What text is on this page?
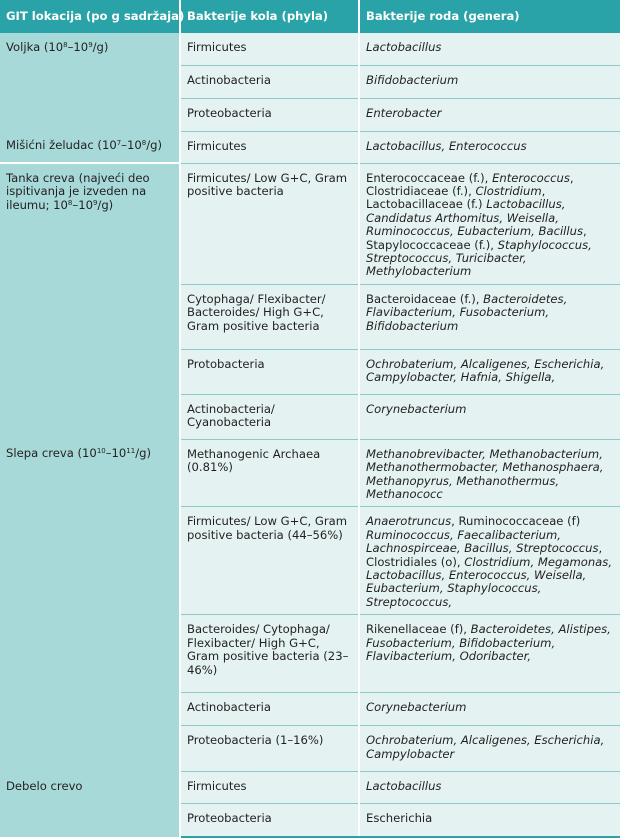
GIT lokacija (po g sadržaja)	Bakterije kola (phyla)	Bakterije roda (genera)
Voljka $(10^8-10^9/g)$	Firmicutes	Lactobacillus
	Actinobacteria	Bifidobacterium
	Proteobacteria	Enterobacter
Mišićni želudac $(10^7-10^8/g)$	Firmicutes	Lactobacillus, Enterococcus
Tanka creva (najveći deo ispitivanja je izveden na ileumu; $10^8-10^9/g$)	Firmicutes/ Low G+C, Gram positive bacteria	Enterococcaceae (f.), Enterococcus, Clostridiaceae (f.), Clostridium, Lactobacillaceae (f.) Lactobacillus, Candidatus Arthomitus, Weisella, Ruminococcus, Eubacterium, Bacillus, Stapylococcaceae (f.), Staphylococcus, Streptococcus, Turicibacter, Methylobacterium
	Cytophaga/ Flexibacter/ Bacteroides/ High G+C, Gram positive bacteria	Bacteroidaceae (f.), Bacteroidetes, Flavibacterium, Fusobacterium, Bifidobacterium
	Protobacteria	Ochrobaterium, Alcaligenes, Escherichia, Campylobacter, Hafnia, Shigella,
	Actinobacteria/ Cyanobacteria	Corynebacterium
Slepa creva $(10^{10}-10^{11}/g)$	Methanogenic Archaea (0.81%)	Methanobrevibacter, Methanobacterium, Methanothermobacter, Methanosphaera, Methanopyrus, Methanothermus, Methanococc
	Firmicutes/ Low G+C, Gram positive bacteria (44–56%)	Anaerotruncus, Ruminococcaceae (f) Ruminococcus, Faecalibacterium, Lachnospirceae, Bacillus, Streptococcus, Clostridiales (o), Clostridium, Megamonas, Lactobacillus, Enterococcus, Weisella, Eubacterium, Staphylococcus, Streptococcus,
	Bacteroides/ Cytophaga/ Flexibacter/ High G+C, Gram positive bacteria (23–46%)	Rikenellaceae (f), Bacteroidetes, Alistipes, Fusobacterium, Bifidobacterium, Flavibacterium, Odoribacter,
	Actinobacteria	Corynebacterium
	Proteobacteria (1–16%)	Ochrobaterium, Alcaligenes, Escherichia, Campylobacter
Debelo crevo	Firmicutes	Lactobacillus
	Proteobacteria	Escherichia
